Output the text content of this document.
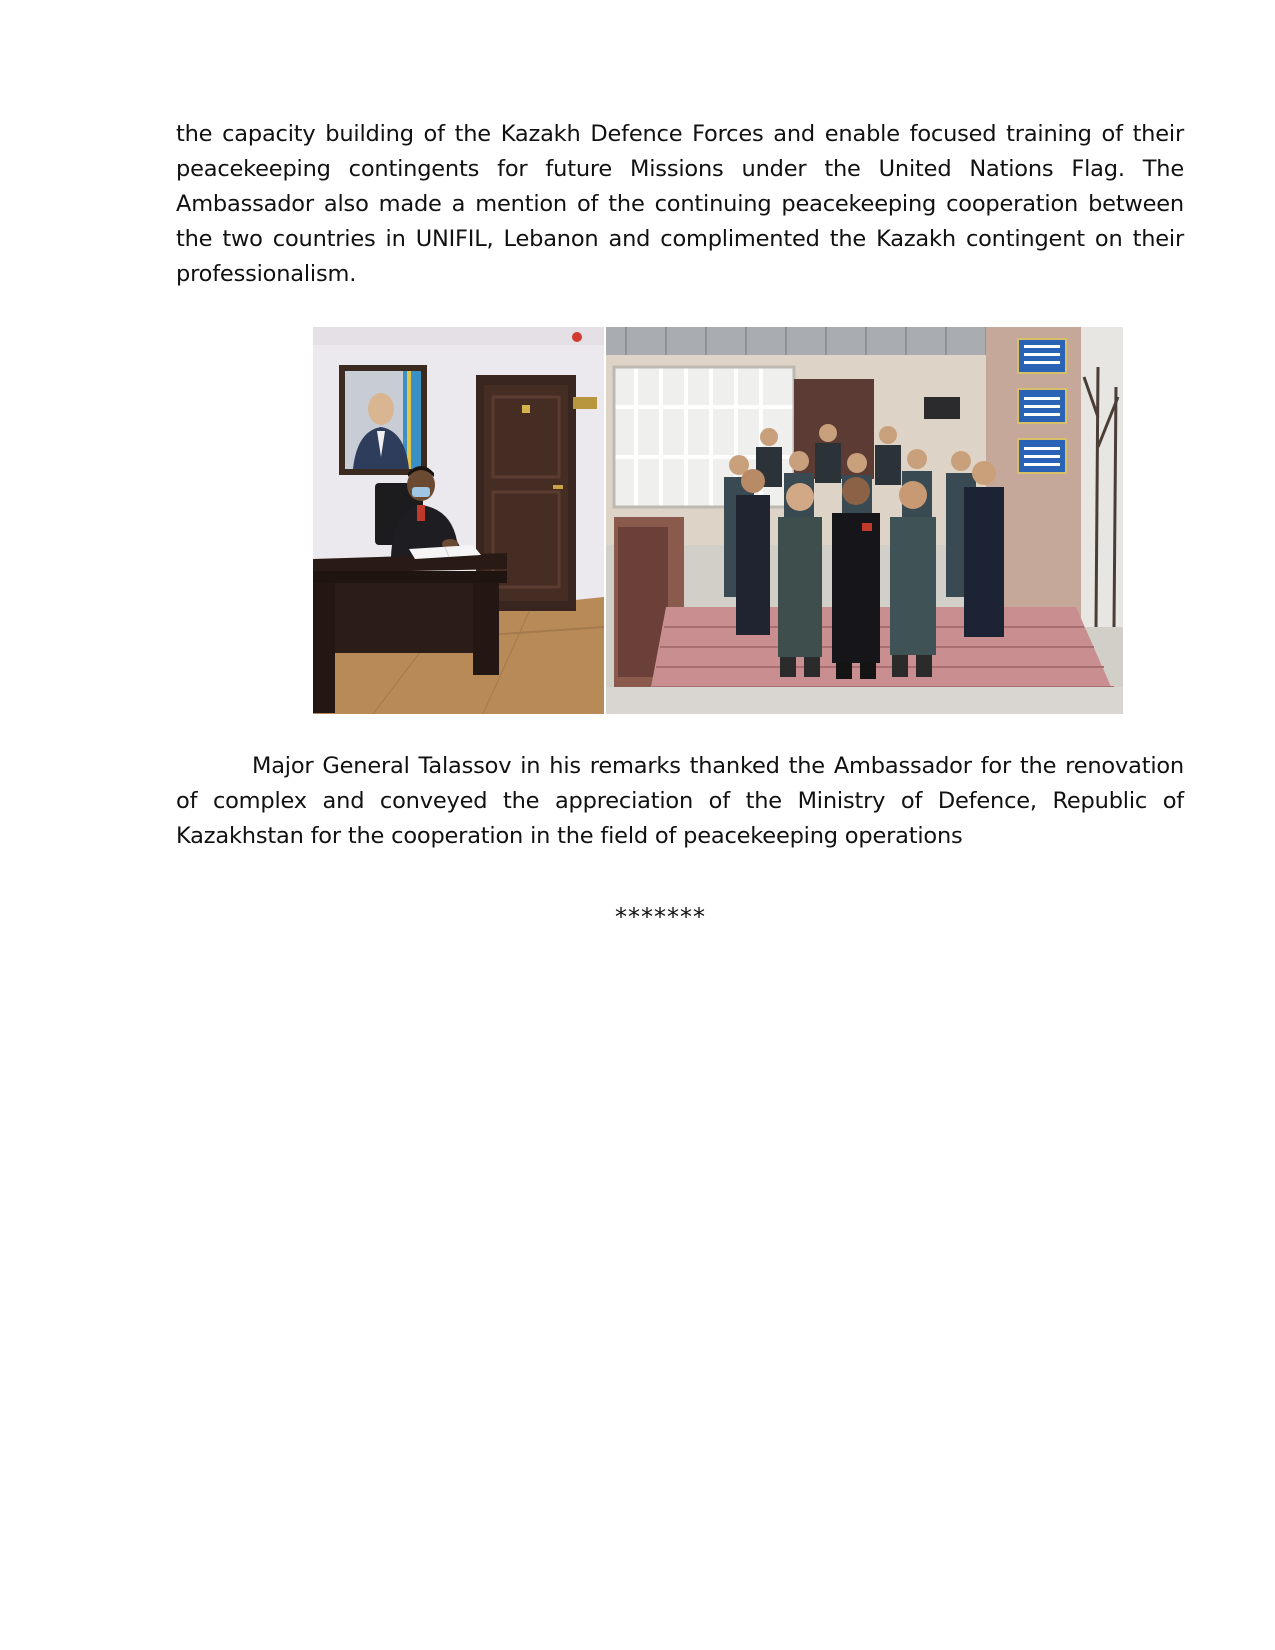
the capacity building of the Kazakh Defence Forces and enable focused training of their peacekeeping contingents for future Missions under the United Nations Flag. The Ambassador also made a mention of the continuing peacekeeping cooperation between the two countries in UNIFIL, Lebanon and complimented the Kazakh contingent on their professionalism.

Major General Talassov in his remarks thanked the Ambassador for the renovation of complex and conveyed the appreciation of the Ministry of Defence, Republic of Kazakhstan for the cooperation in the field of peacekeeping operations

*******
